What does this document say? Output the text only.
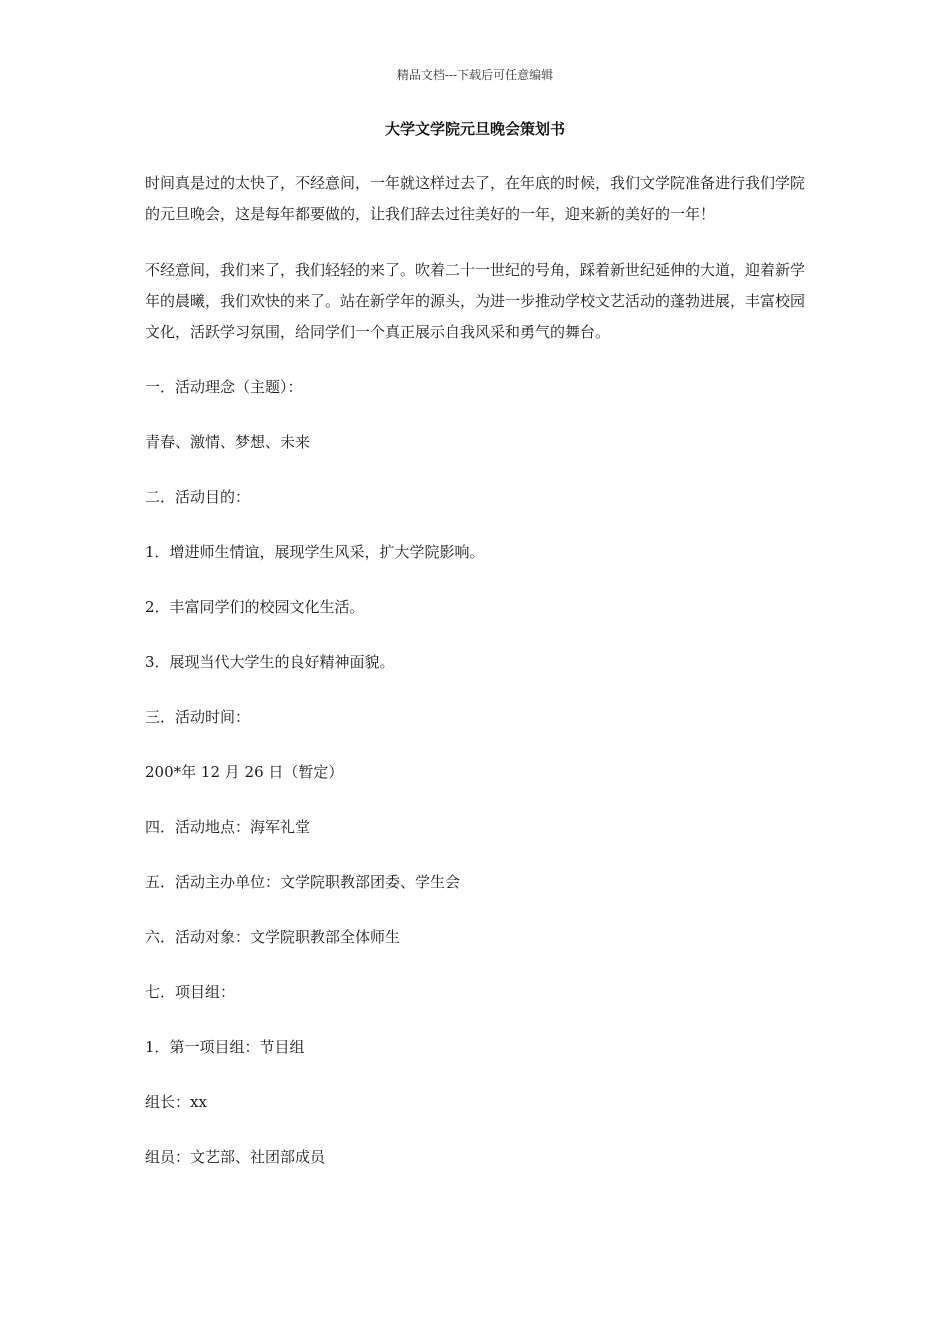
精品文档---下载后可任意编辑
大学文学院元旦晚会策划书

时间真是过的太快了，不经意间，一年就这样过去了，在年底的时候，我们文学院准备进行我们学院的元旦晚会，这是每年都要做的，让我们辞去过往美好的一年，迎来新的美好的一年！

不经意间，我们来了，我们轻轻的来了。吹着二十一世纪的号角，踩着新世纪延伸的大道，迎着新学年的晨曦，我们欢快的来了。站在新学年的源头，为进一步推动学校文艺活动的蓬勃进展，丰富校园文化，活跃学习氛围，给同学们一个真正展示自我风采和勇气的舞台。

一．活动理念（主题）：

青春、激情、梦想、未来

二．活动目的：

1．增进师生情谊，展现学生风采，扩大学院影响。

2．丰富同学们的校园文化生活。

3．展现当代大学生的良好精神面貌。

三．活动时间：

200*年 12 月 26 日（暂定）

四．活动地点：海军礼堂

五．活动主办单位：文学院职教部团委、学生会

六．活动对象：文学院职教部全体师生

七．项目组：

1．第一项目组：节目组

组长：xx

组员：文艺部、社团部成员
